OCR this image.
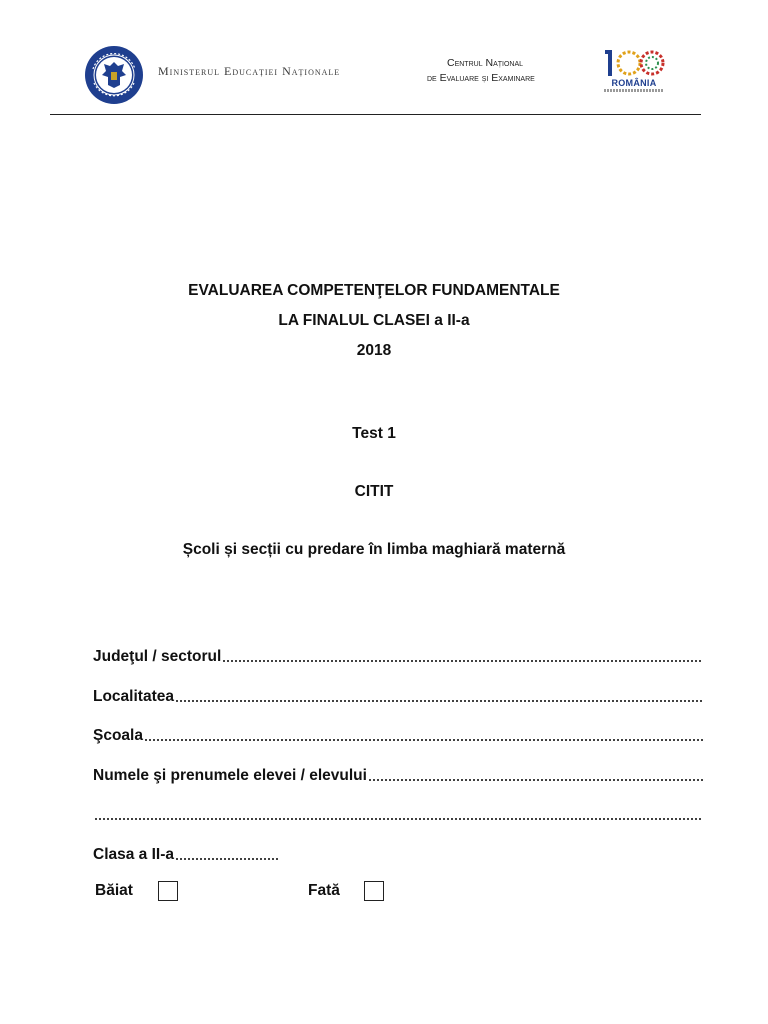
Ministerul Educației Naționale
Centrul Național
de Evaluare și Examinare	ROMÂNIA
EVALUAREA COMPETENŢELOR FUNDAMENTALE
LA FINALUL CLASEI a II-a
2018
Test 1
CITIT
Școli și secții cu predare în limba maghiară maternă
Judeţul / sectorul
Localitatea
Şcoala
Numele şi prenumele elevei / elevului
Clasa a II-a
Băiat	Fată
